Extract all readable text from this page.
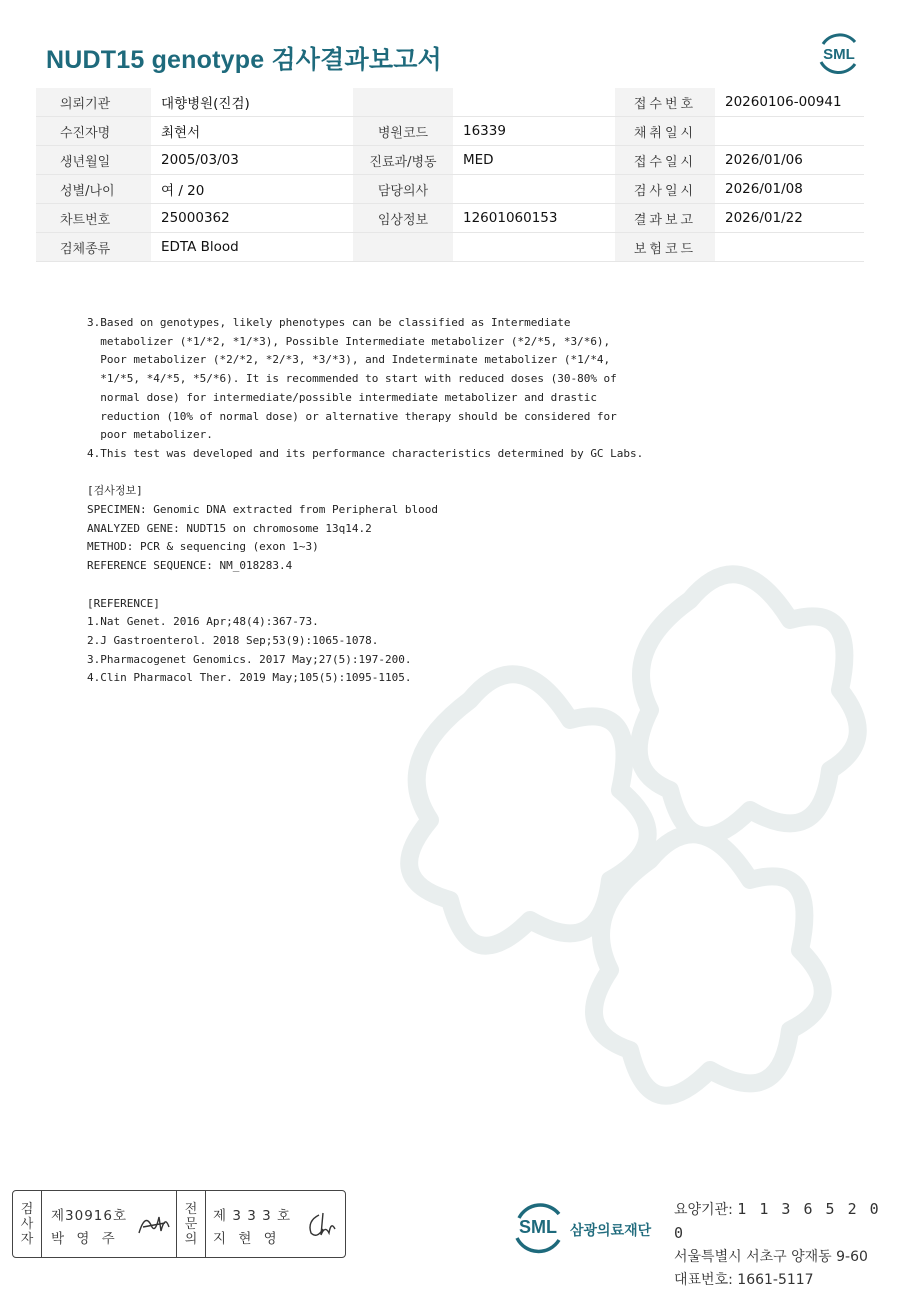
NUDT15 genotype 검사결과보고서	SML
의뢰기관	대향병원(진검)			접수번호	20260106-00941
수진자명	최현서	병원코드	16339	채취일시	
생년월일	2005/03/03	진료과/병동	MED	접수일시	2026/01/06
성별/나이	여 / 20	담당의사		검사일시	2026/01/08
차트번호	25000362	임상정보	12601060153	결과보고	2026/01/22
검체종류	EDTA Blood			보험코드	
3.Based on genotypes, likely phenotypes can be classified as Intermediate
metabolizer (*1/*2, *1/*3), Possible Intermediate metabolizer (*2/*5, *3/*6),
Poor metabolizer (*2/*2, *2/*3, *3/*3), and Indeterminate metabolizer (*1/*4,
*1/*5, *4/*5, *5/*6). It is recommended to start with reduced doses (30-80% of
normal dose) for intermediate/possible intermediate metabolizer and drastic
reduction (10% of normal dose) or alternative therapy should be considered for
poor metabolizer.
4.This test was developed and its performance characteristics determined by GC Labs.
[검사정보]
SPECIMEN: Genomic DNA extracted from Peripheral blood
ANALYZED GENE: NUDT15 on chromosome 13q14.2
METHOD: PCR & sequencing (exon 1~3)
REFERENCE SEQUENCE: NM_018283.4
[REFERENCE]
1.Nat Genet. 2016 Apr;48(4):367-73.
2.J Gastroenterol. 2018 Sep;53(9):1065-1078.
3.Pharmacogenet Genomics. 2017 May;27(5):197-200.
4.Clin Pharmacol Ther. 2019 May;105(5):1095-1105.
검
사
자
제30916호
박 영 주
전
문
의
제 3 3 3 호
지 현 영
SML 삼광의료재단
요양기관: 1 1 3 6 5 2 0 0
서울특별시 서초구 양재동 9-60
대표번호: 1661-5117
